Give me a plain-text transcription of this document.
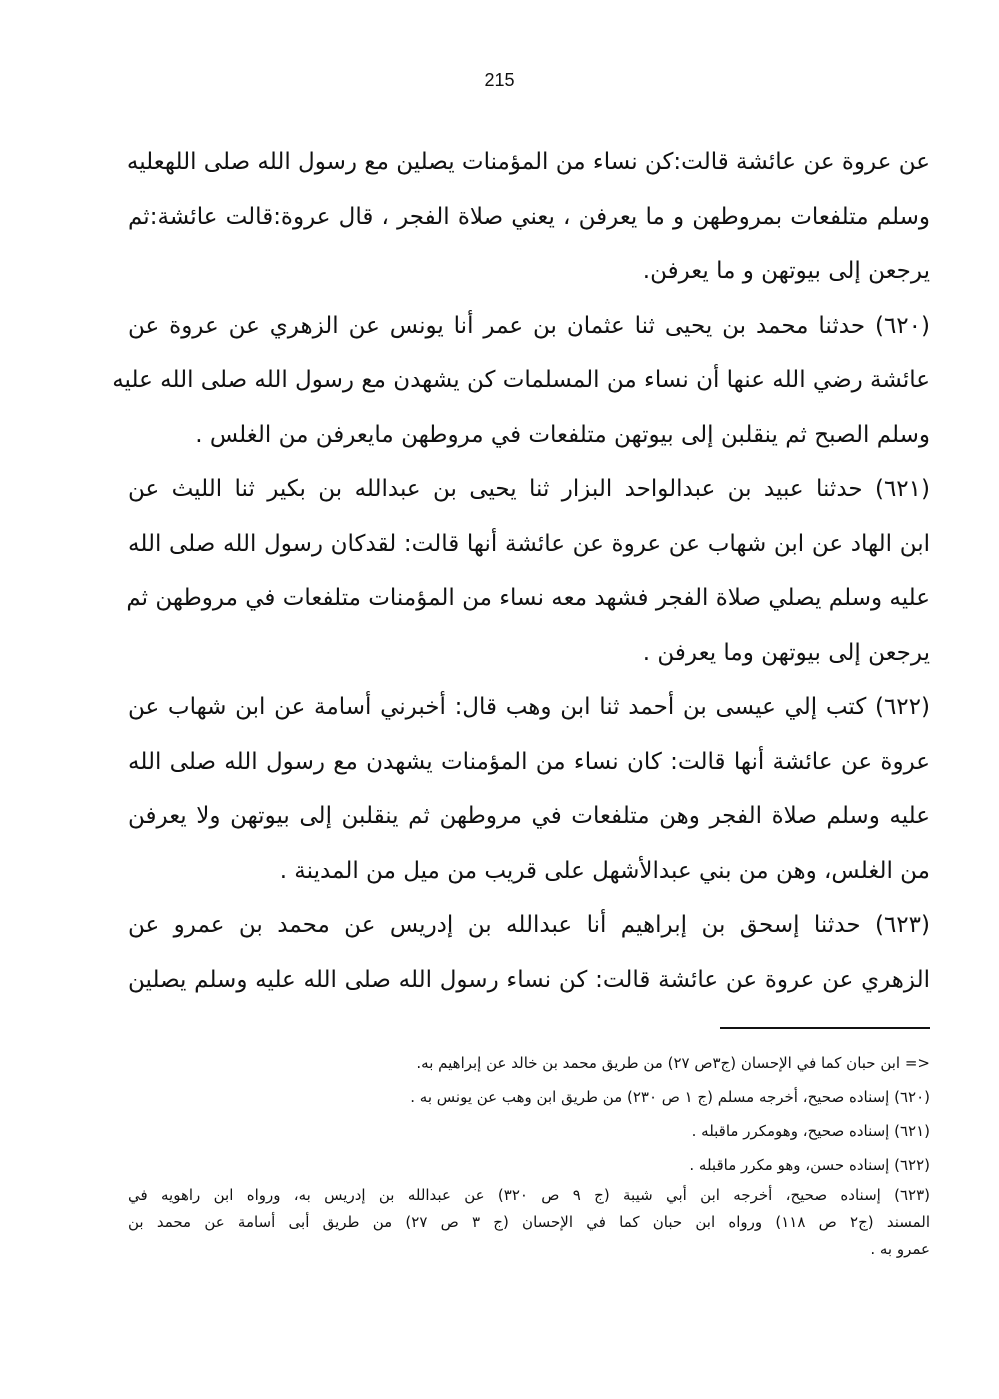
215
عن عروة عن عائشة قالت:كن نساء من المؤمنات يصلين مع رسول الله صلى اللهعليه
وسلم متلفعات بمروطهن و ما يعرفن ، يعني صلاة الفجر ، قال عروة:قالت عائشة:ثم
يرجعن إلى بيوتهن و ما يعرفن.
(٦٢٠) حدثنا محمد بن يحيى ثنا عثمان بن عمر أنا يونس عن الزهري عن عروة عن
عائشة رضي الله عنها أن نساء من المسلمات كن يشهدن مع رسول الله صلى الله عليه
وسلم الصبح ثم ينقلبن إلى بيوتهن متلفعات في مروطهن مايعرفن من الغلس .
(٦٢١) حدثنا عبيد بن عبدالواحد البزار ثنا يحيى بن عبدالله بن بكير ثنا الليث عن
ابن الهاد عن ابن شهاب عن عروة عن عائشة أنها قالت: لقدكان رسول الله صلى الله
عليه وسلم يصلي صلاة الفجر فشهد معه نساء من المؤمنات متلفعات في مروطهن ثم
يرجعن إلى بيوتهن وما يعرفن .
(٦٢٢) كتب إلي عيسى بن أحمد ثنا ابن وهب قال: أخبرني أسامة عن ابن شهاب عن
عروة عن عائشة أنها قالت: كان نساء من المؤمنات يشهدن مع رسول الله صلى الله
عليه وسلم صلاة الفجر وهن متلفعات في مروطهن ثم ينقلبن إلى بيوتهن ولا يعرفن
من الغلس، وهن من بني عبدالأشهل على قريب من ميل من المدينة .
(٦٢٣) حدثنا إسحق بن إبراهيم أنا عبدالله بن إدريس عن محمد بن عمرو عن
الزهري عن عروة عن عائشة قالت: كن نساء رسول الله صلى الله عليه وسلم يصلين
<= ابن حبان كما في الإحسان (ج٣ص ٢٧) من طريق محمد بن خالد عن إبراهيم به.
(٦٢٠) إسناده صحيح، أخرجه مسلم (ج ١ ص ٢٣٠) من طريق ابن وهب عن يونس به .
(٦٢١) إسناده صحيح، وهومكرر ماقبله .
(٦٢٢) إسناده حسن، وهو مكرر ماقبله .
(٦٢٣) إسناده صحيح، أخرجه ابن أبي شيبة (ج ٩ ص ٣٢٠) عن عبدالله بن إدريس به، ورواه ابن راهويه في
المسند (ج٢ ص ١١٨) ورواه ابن حبان كما في الإحسان (ج ٣ ص ٢٧) من طريق أبى أسامة عن محمد بن
عمرو به .
